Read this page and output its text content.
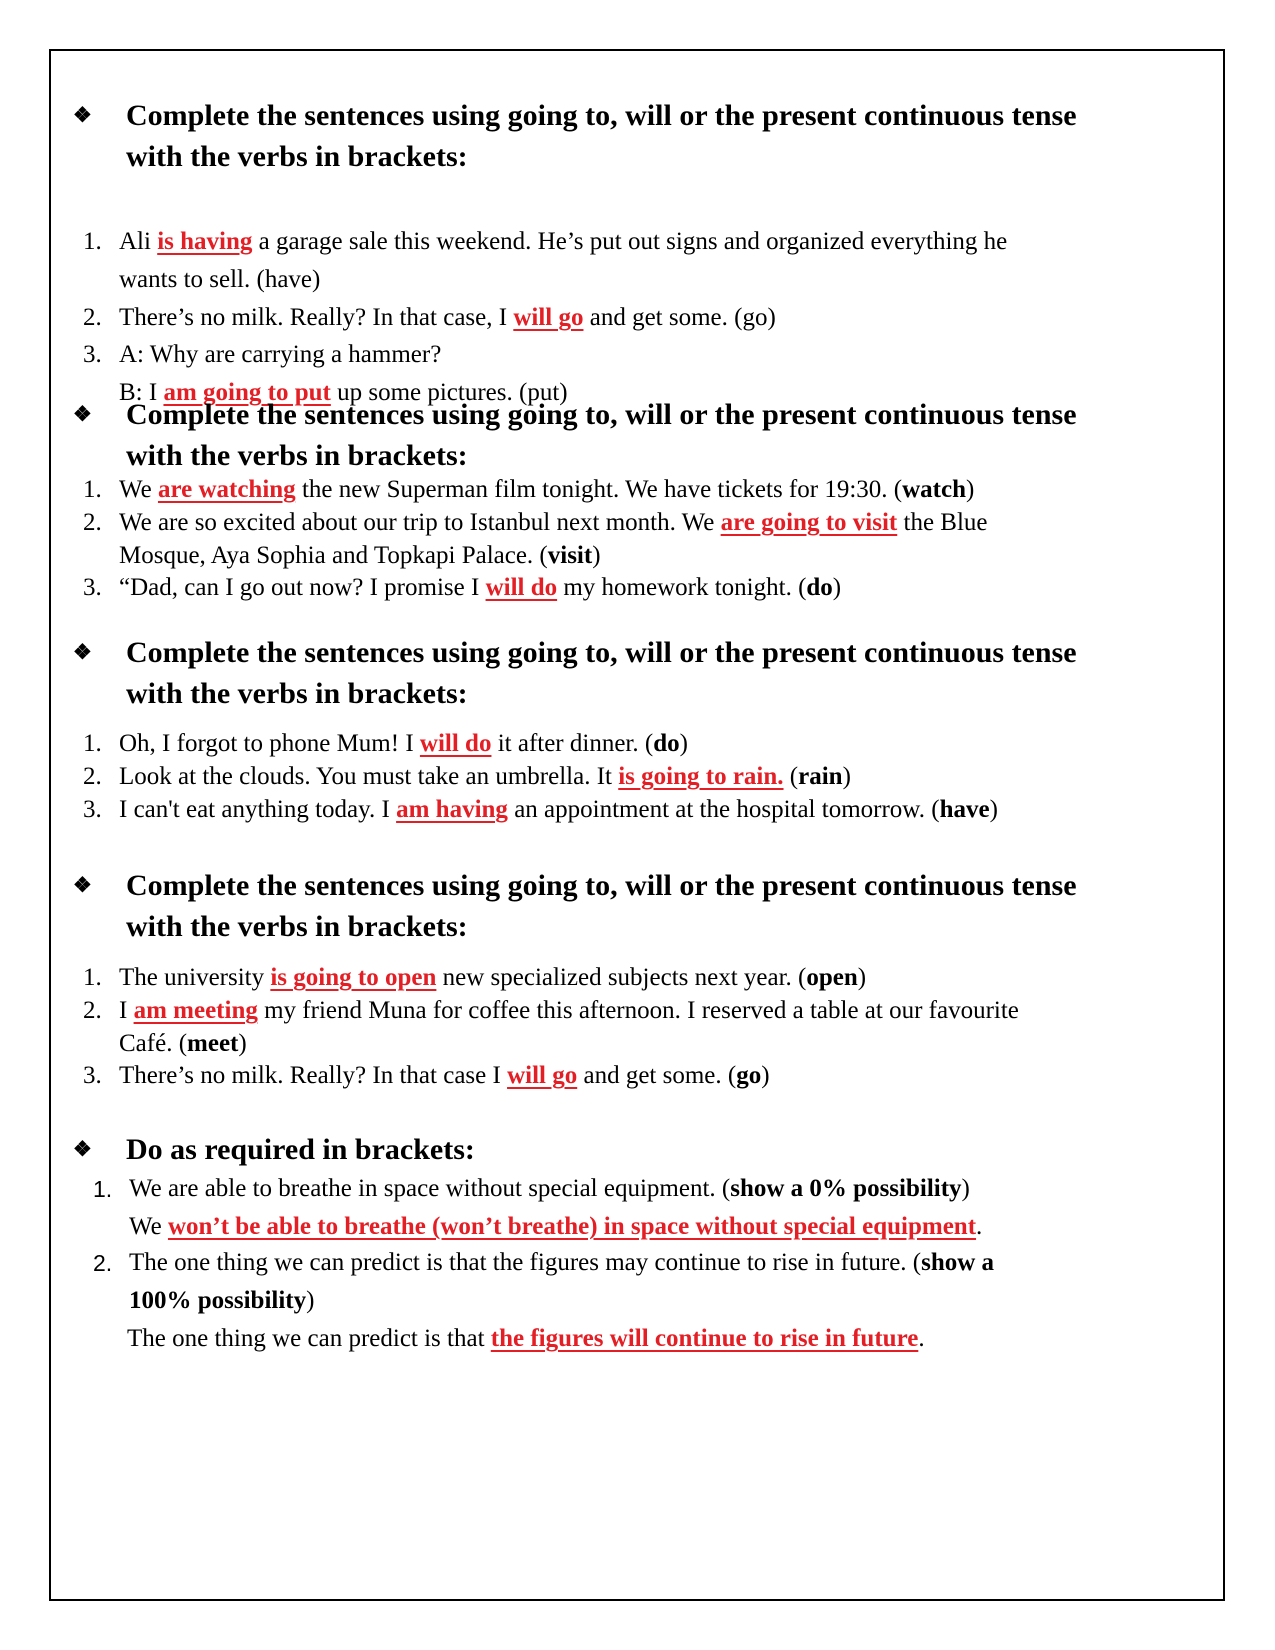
❖ Complete the sentences using going to, will or the present continuous tense
with the verbs in brackets:
1. Ali is having a garage sale this weekend. He’s put out signs and organized everything he
wants to sell. (have)
2. There’s no milk. Really? In that case, I will go and get some. (go)
3. A: Why are carrying a hammer?
B: I am going to put up some pictures. (put)
❖ Complete the sentences using going to, will or the present continuous tense
with the verbs in brackets:
1. We are watching the new Superman film tonight. We have tickets for 19:30. (watch)
2. We are so excited about our trip to Istanbul next month. We are going to visit the Blue
Mosque, Aya Sophia and Topkapi Palace. (visit)
3. “Dad, can I go out now? I promise I will do my homework tonight. (do)
❖ Complete the sentences using going to, will or the present continuous tense
with the verbs in brackets:
1. Oh, I forgot to phone Mum! I will do it after dinner. (do)
2. Look at the clouds. You must take an umbrella. It is going to rain. (rain)
3. I can't eat anything today. I am having an appointment at the hospital tomorrow. (have)
❖ Complete the sentences using going to, will or the present continuous tense
with the verbs in brackets:
1. The university is going to open new specialized subjects next year. (open)
2. I am meeting my friend Muna for coffee this afternoon. I reserved a table at our favourite
Café. (meet)
3. There’s no milk. Really? In that case I will go and get some. (go)
❖ Do as required in brackets:
1. We are able to breathe in space without special equipment. (show a 0% possibility)
We won’t be able to breathe (won’t breathe) in space without special equipment.
2. The one thing we can predict is that the figures may continue to rise in future. (show a
100% possibility)
The one thing we can predict is that the figures will continue to rise in future.
